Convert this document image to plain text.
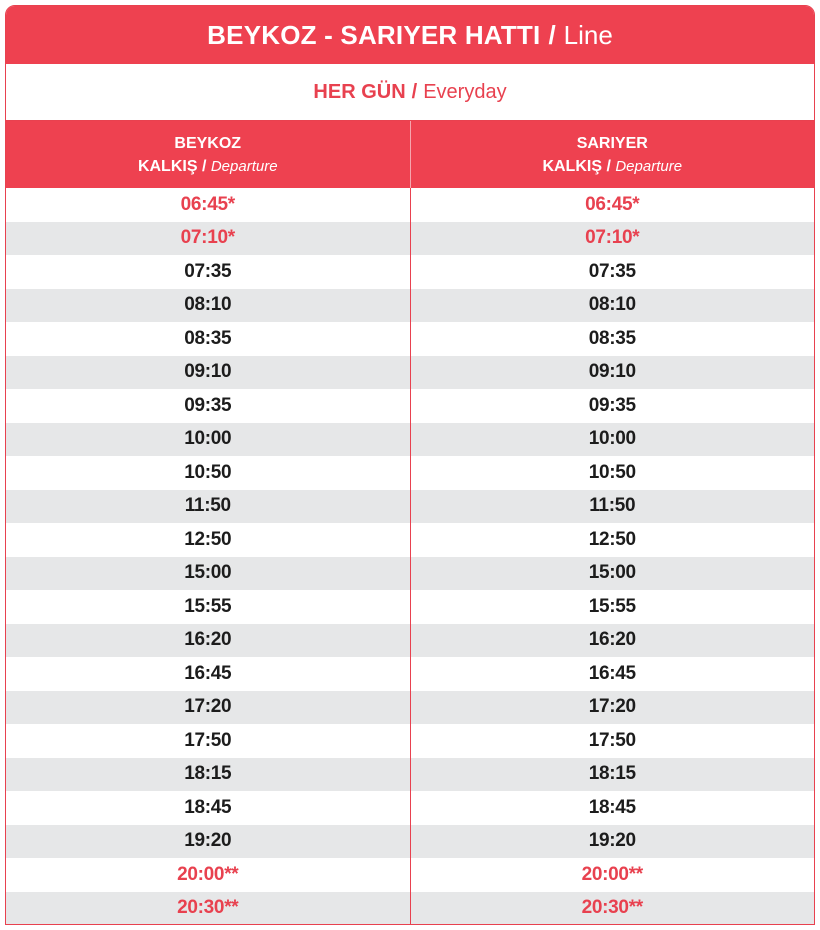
BEYKOZ - SARIYER HATTI / Line
HER GÜN / Everyday
BEYKOZ
KALKIŞ / Departure
SARIYER
KALKIŞ / Departure
06:45*	06:45*
07:10*	07:10*
07:35	07:35
08:10	08:10
08:35	08:35
09:10	09:10
09:35	09:35
10:00	10:00
10:50	10:50
11:50	11:50
12:50	12:50
15:00	15:00
15:55	15:55
16:20	16:20
16:45	16:45
17:20	17:20
17:50	17:50
18:15	18:15
18:45	18:45
19:20	19:20
20:00**	20:00**
20:30**	20:30**
